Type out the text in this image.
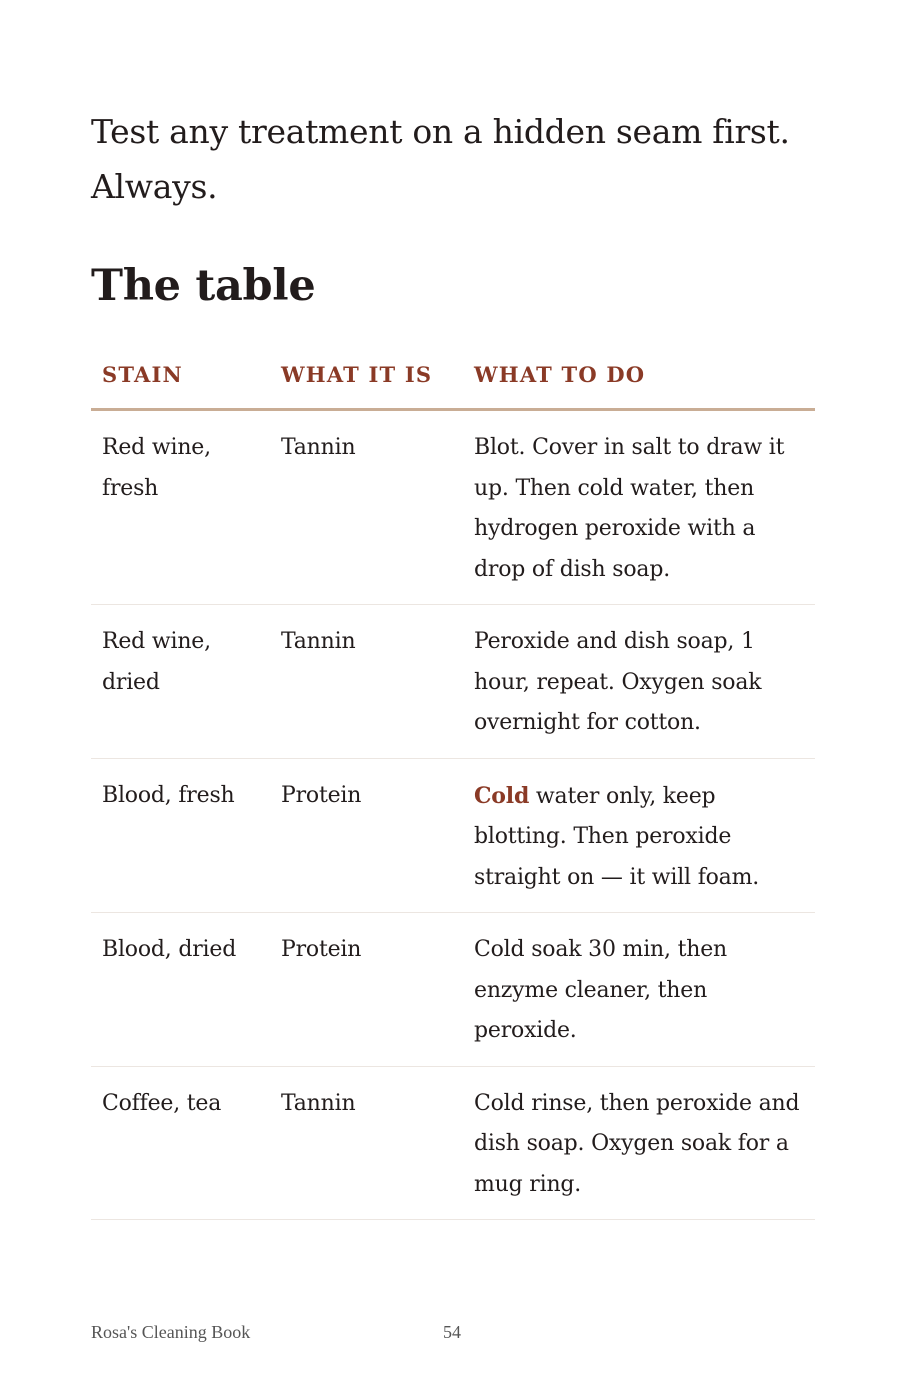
Test any treatment on a hidden seam first. Always.

The table
STAIN	WHAT IT IS	WHAT TO DO
Red wine, fresh	Tannin	Blot. Cover in salt to draw it up. Then cold water, then hydrogen peroxide with a drop of dish soap.
Red wine, dried	Tannin	Peroxide and dish soap, 1 hour, repeat. Oxygen soak overnight for cotton.
Blood, fresh	Protein	Cold water only, keep blotting. Then peroxide straight on — it will foam.
Blood, dried	Protein	Cold soak 30 min, then enzyme cleaner, then peroxide.
Coffee, tea	Tannin	Cold rinse, then peroxide and dish soap. Oxygen soak for a mug ring.
Rosa's Cleaning Book	54
